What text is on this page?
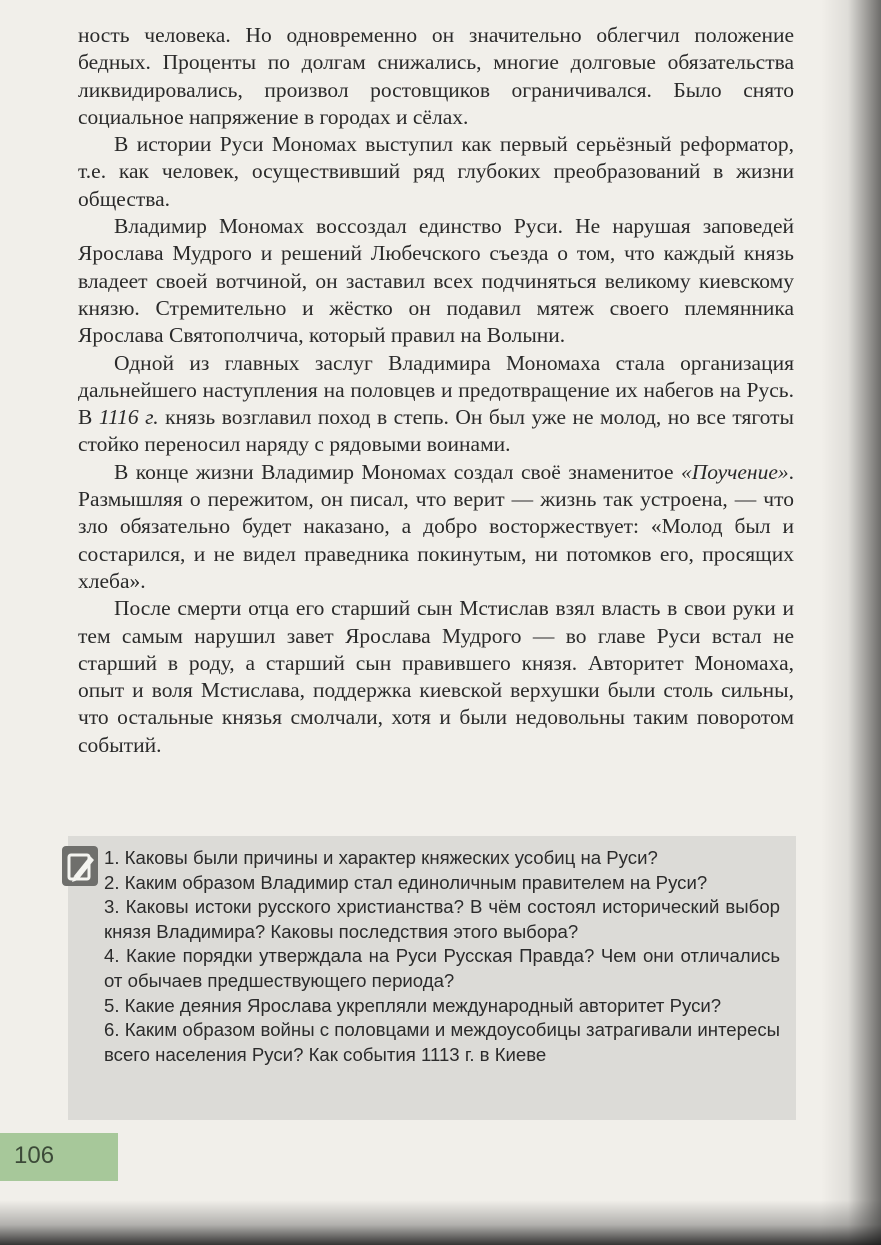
ность человека. Но одновременно он значительно облегчил положение бедных. Проценты по долгам снижались, многие долговые обязательства ликвидировались, произвол ростовщиков ограничивался. Было снято социальное напряжение в городах и сёлах.

В истории Руси Мономах выступил как первый серьёзный реформатор, т.е. как человек, осуществивший ряд глубоких преобразований в жизни общества.

Владимир Мономах воссоздал единство Руси. Не нарушая заповедей Ярослава Мудрого и решений Любечского съезда о том, что каждый князь владеет своей вотчиной, он заставил всех подчиняться великому киевскому князю. Стремительно и жёстко он подавил мятеж своего племянника Ярослава Святополчича, который правил на Волыни.

Одной из главных заслуг Владимира Мономаха стала организация дальнейшего наступления на половцев и предотвращение их набегов на Русь. В 1116 г. князь возглавил поход в степь. Он был уже не молод, но все тяготы стойко переносил наряду с рядовыми воинами.

В конце жизни Владимир Мономах создал своё знаменитое «Поучение». Размышляя о пережитом, он писал, что верит — жизнь так устроена, — что зло обязательно будет наказано, а добро восторжествует: «Молод был и состарился, и не видел праведника покинутым, ни потомков его, просящих хлеба».

После смерти отца его старший сын Мстислав взял власть в свои руки и тем самым нарушил завет Ярослава Мудрого — во главе Руси встал не старший в роду, а старший сын правившего князя. Авторитет Мономаха, опыт и воля Мстислава, поддержка киевской верхушки были столь сильны, что остальные князья смолчали, хотя и были недовольны таким поворотом событий.

1. Каковы были причины и характер княжеских усобиц на Руси?

2. Каким образом Владимир стал единоличным правителем на Руси?

3. Каковы истоки русского христианства? В чём состоял исторический выбор князя Владимира? Каковы последствия этого выбора?

4. Какие порядки утверждала на Руси Русская Правда? Чем они отличались от обычаев предшествующего периода?

5. Какие деяния Ярослава укрепляли международный авторитет Руси?

6. Каким образом войны с половцами и междоусобицы затрагивали интересы всего населения Руси? Как события 1113 г. в Киеве

106
